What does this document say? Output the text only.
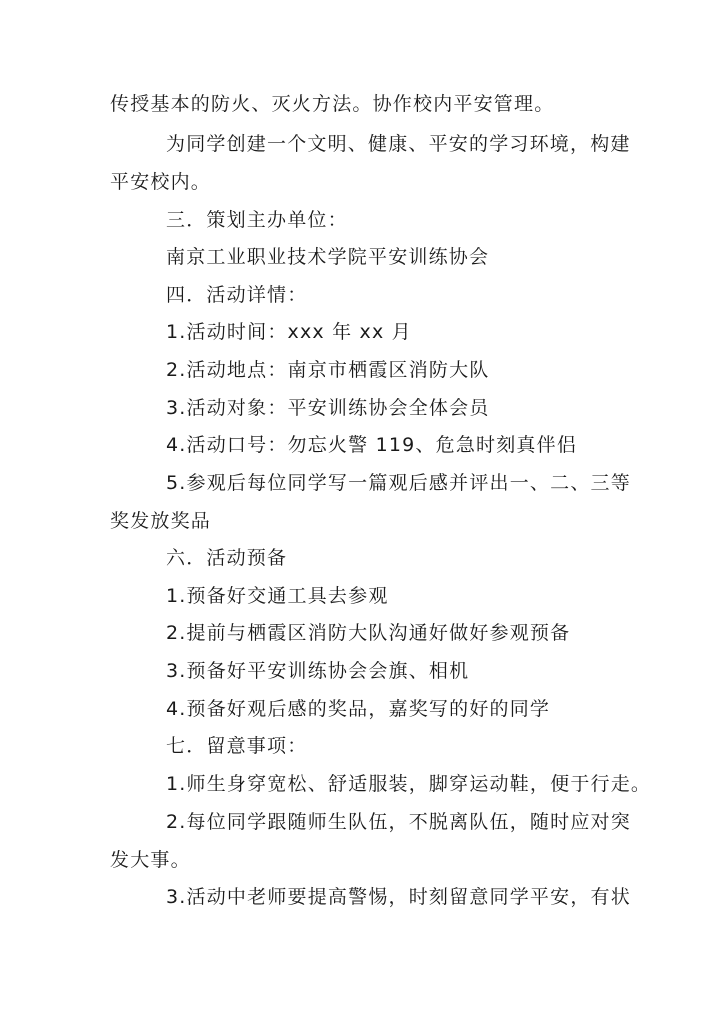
传授基本的防火、灭火方法。协作校内平安管理。
为同学创建一个文明、健康、平安的学习环境，构建
平安校内。
三．策划主办单位：
南京工业职业技术学院平安训练协会
四．活动详情：
1.活动时间：xxx 年 xx 月
2.活动地点：南京市栖霞区消防大队
3.活动对象：平安训练协会全体会员
4.活动口号：勿忘火警 119、危急时刻真伴侣
5.参观后每位同学写一篇观后感并评出一、二、三等
奖发放奖品
六．活动预备
1.预备好交通工具去参观
2.提前与栖霞区消防大队沟通好做好参观预备
3.预备好平安训练协会会旗、相机
4.预备好观后感的奖品，嘉奖写的好的同学
七．留意事项：
1.师生身穿宽松、舒适服装，脚穿运动鞋，便于行走。
2.每位同学跟随师生队伍，不脱离队伍，随时应对突
发大事。
3.活动中老师要提高警惕，时刻留意同学平安，有状
